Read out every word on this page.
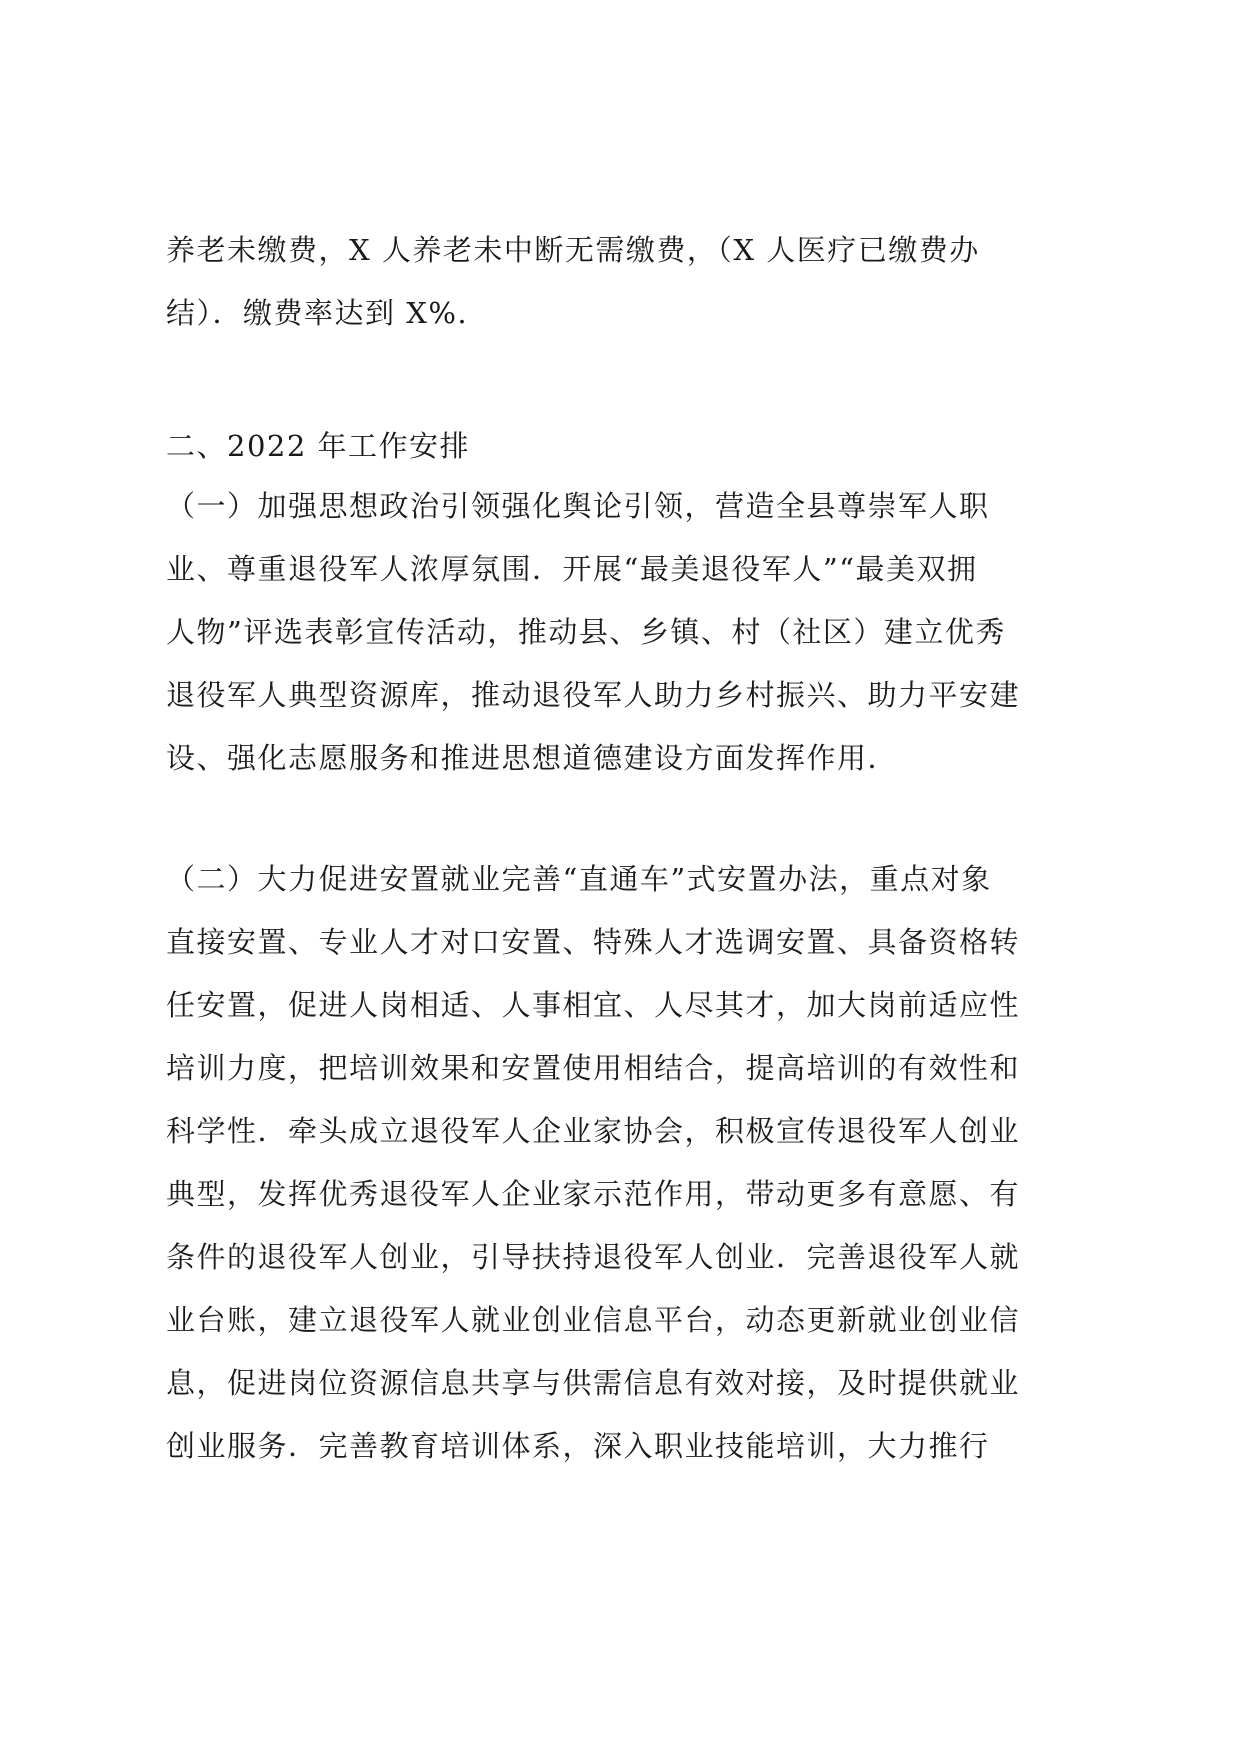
养老未缴费，X 人养老未中断无需缴费，（X 人医疗已缴费办
结）．缴费率达到 X%.
二、2022 年工作安排
（一）加强思想政治引领强化舆论引领，营造全县尊崇军人职
业、尊重退役军人浓厚氛围．开展“最美退役军人”“最美双拥
人物”评选表彰宣传活动，推动县、乡镇、村（社区）建立优秀
退役军人典型资源库，推动退役军人助力乡村振兴、助力平安建
设、强化志愿服务和推进思想道德建设方面发挥作用．
（二）大力促进安置就业完善“直通车”式安置办法，重点对象
直接安置、专业人才对口安置、特殊人才选调安置、具备资格转
任安置，促进人岗相适、人事相宜、人尽其才，加大岗前适应性
培训力度，把培训效果和安置使用相结合，提高培训的有效性和
科学性．牵头成立退役军人企业家协会，积极宣传退役军人创业
典型，发挥优秀退役军人企业家示范作用，带动更多有意愿、有
条件的退役军人创业，引导扶持退役军人创业．完善退役军人就
业台账，建立退役军人就业创业信息平台，动态更新就业创业信
息，促进岗位资源信息共享与供需信息有效对接，及时提供就业
创业服务．完善教育培训体系，深入职业技能培训，大力推行
